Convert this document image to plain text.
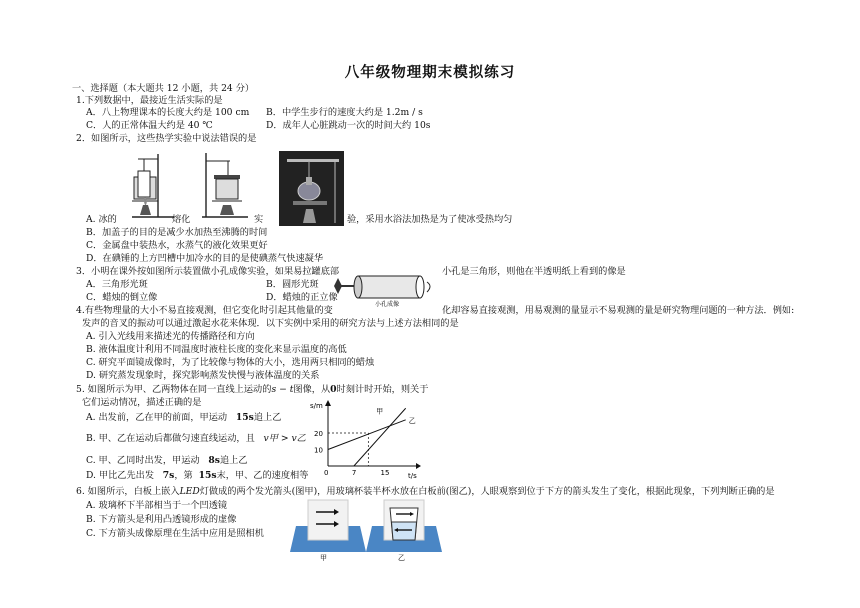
八年级物理期末模拟练习
一、选择题（本大题共 12 小题，共 24 分）
1.下列数据中，最接近生活实际的是
A．八上物理课本的长度大约是 100 cm B．中学生步行的速度大约是 1.2m / s
C．人的正常体温大约是 40 ℃	D．成年人心脏跳动一次的时间大约 10s
2．如图所示，这些热学实验中说法错误的是
A. 冰的	熔化	实	验，采用水浴法加热是为了使冰受热均匀
B．加盖子的目的是减少水加热至沸腾的时间
C．金属盘中装热水，水蒸气的液化效果更好
D．在碘锤的上方凹槽中加冷水的目的是使碘蒸气快速凝华
3．小明在课外按如图所示装置做小孔成像实验，如果易拉罐底部	小孔是三角形，则他在半透明纸上看到的像是
小孔成像
A．三角形光斑	B．圆形光斑
C．蜡烛的倒立像	D．蜡烛的正立像
4.有些物理量的大小不易直接观测，但它变化时引起其他量的变	化却容易直接观测，用易观测的量显示不易观测的量是研究物理问题的一种方法．例如:
发声的音叉的振动可以通过激起水花来体现．以下实例中采用的研究方法与上述方法相同的是
A. 引入光线用来描述光的传播路径和方向
B. 液体温度计利用不同温度时液柱长度的变化来显示温度的高低
C. 研究平面镜成像时，为了比较像与物体的大小，选用两只相同的蜡烛
D. 研究蒸发现象时，探究影响蒸发快慢与液体温度的关系
5. 如图所示为甲、乙两物体在同一直线上运动的s − t图像，从0时刻计时开始，则关于
它们运动情况，描述正确的是
A. 出发前，乙在甲的前面，甲运动 15s追上乙
B. 甲、乙在运动后都做匀速直线运动，且 v甲 > v乙
C. 甲、乙同时出发，甲运动 8s追上乙
D. 甲比乙先出发 7s，第 15s末，甲、乙的速度相等
s/m
t/s
10
20
0	7	15
甲
乙
6. 如图所示，白板上嵌入LED灯做成的两个发光箭头(图甲)，用玻璃杯装半杯水放在白板前(图乙)，人眼观察到位于下方的箭头发生了变化，根据此现象，下列判断正确的是
A. 玻璃杯下半部相当于一个凹透镜
B. 下方箭头是利用凸透镜形成的虚像
C. 下方箭头成像原理在生活中应用是照相机
甲	乙
